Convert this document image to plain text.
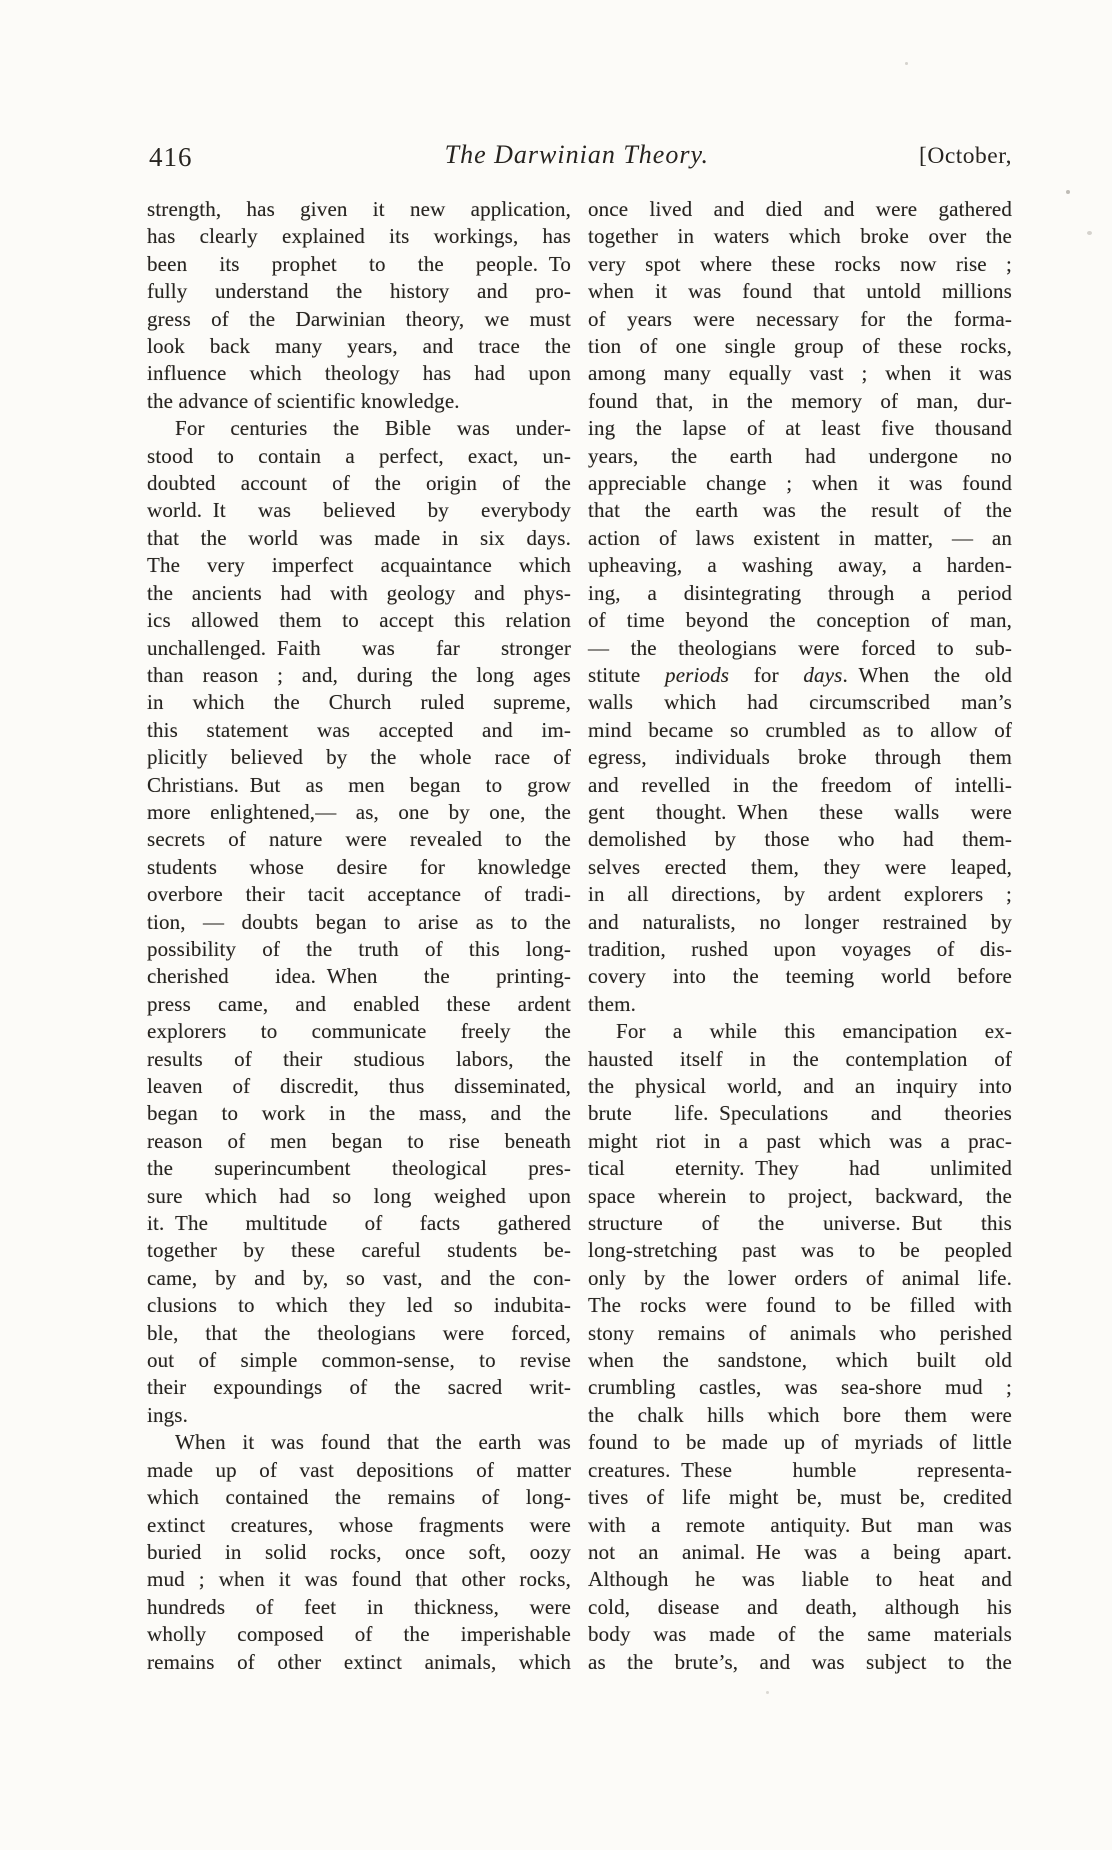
416	The Darwinian Theory.	[October,
strength, has given it new application,
has clearly explained its workings, has
been its prophet to the people. To
fully understand the history and pro-
gress of the Darwinian theory, we must
look back many years, and trace the
influence which theology has had upon
the advance of scientific knowledge.
For centuries the Bible was under-
stood to contain a perfect, exact, un-
doubted account of the origin of the
world. It was believed by everybody
that the world was made in six days.
The very imperfect acquaintance which
the ancients had with geology and phys-
ics allowed them to accept this relation
unchallenged. Faith was far stronger
than reason ; and, during the long ages
in which the Church ruled supreme,
this statement was accepted and im-
plicitly believed by the whole race of
Christians. But as men began to grow
more enlightened,— as, one by one, the
secrets of nature were revealed to the
students whose desire for knowledge
overbore their tacit acceptance of tradi-
tion, — doubts began to arise as to the
possibility of the truth of this long-
cherished idea. When the printing-
press came, and enabled these ardent
explorers to communicate freely the
results of their studious labors, the
leaven of discredit, thus disseminated,
began to work in the mass, and the
reason of men began to rise beneath
the superincumbent theological pres-
sure which had so long weighed upon
it. The multitude of facts gathered
together by these careful students be-
came, by and by, so vast, and the con-
clusions to which they led so indubita-
ble, that the theologians were forced,
out of simple common-sense, to revise
their expoundings of the sacred writ-
ings.
When it was found that the earth was
made up of vast depositions of matter
which contained the remains of long-
extinct creatures, whose fragments were
buried in solid rocks, once soft, oozy
mud ; when it was found that other rocks,
hundreds of feet in thickness, were
wholly composed of the imperishable
remains of other extinct animals, which
once lived and died and were gathered
together in waters which broke over the
very spot where these rocks now rise ;
when it was found that untold millions
of years were necessary for the forma-
tion of one single group of these rocks,
among many equally vast ; when it was
found that, in the memory of man, dur-
ing the lapse of at least five thousand
years, the earth had undergone no
appreciable change ; when it was found
that the earth was the result of the
action of laws existent in matter, — an
upheaving, a washing away, a harden-
ing, a disintegrating through a period
of time beyond the conception of man,
— the theologians were forced to sub-
stitute periods for days. When the old
walls which had circumscribed man’s
mind became so crumbled as to allow of
egress, individuals broke through them
and revelled in the freedom of intelli-
gent thought. When these walls were
demolished by those who had them-
selves erected them, they were leaped,
in all directions, by ardent explorers ;
and naturalists, no longer restrained by
tradition, rushed upon voyages of dis-
covery into the teeming world before
them.
For a while this emancipation ex-
hausted itself in the contemplation of
the physical world, and an inquiry into
brute life. Speculations and theories
might riot in a past which was a prac-
tical eternity. They had unlimited
space wherein to project, backward, the
structure of the universe. But this
long-stretching past was to be peopled
only by the lower orders of animal life.
The rocks were found to be filled with
stony remains of animals who perished
when the sandstone, which built old
crumbling castles, was sea-shore mud ;
the chalk hills which bore them were
found to be made up of myriads of little
creatures. These humble representa-
tives of life might be, must be, credited
with a remote antiquity. But man was
not an animal. He was a being apart.
Although he was liable to heat and
cold, disease and death, although his
body was made of the same materials
as the brute’s, and was subject to the
